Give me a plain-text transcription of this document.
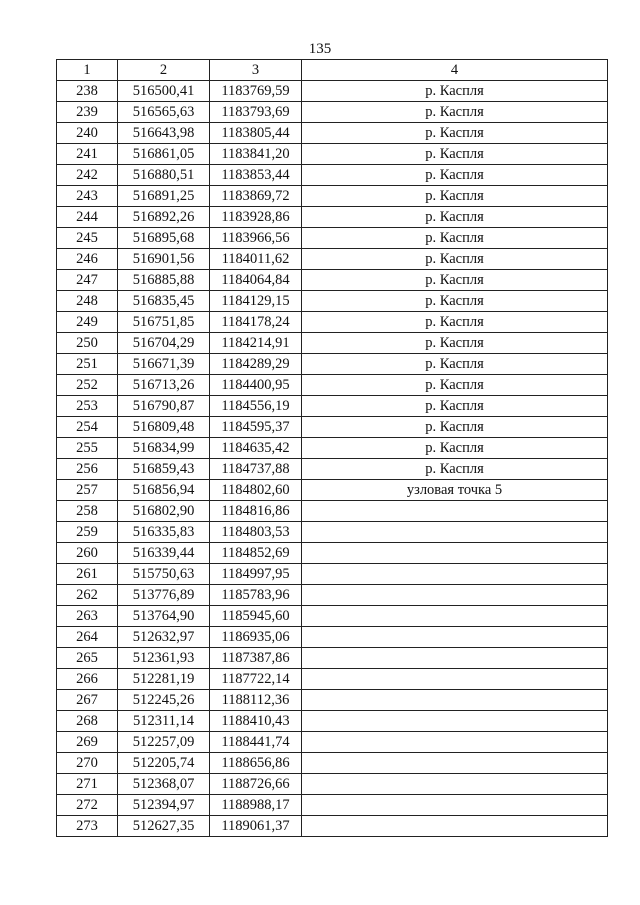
135
1	2	3	4
238	516500,41	1183769,59	р. Каспля
239	516565,63	1183793,69	р. Каспля
240	516643,98	1183805,44	р. Каспля
241	516861,05	1183841,20	р. Каспля
242	516880,51	1183853,44	р. Каспля
243	516891,25	1183869,72	р. Каспля
244	516892,26	1183928,86	р. Каспля
245	516895,68	1183966,56	р. Каспля
246	516901,56	1184011,62	р. Каспля
247	516885,88	1184064,84	р. Каспля
248	516835,45	1184129,15	р. Каспля
249	516751,85	1184178,24	р. Каспля
250	516704,29	1184214,91	р. Каспля
251	516671,39	1184289,29	р. Каспля
252	516713,26	1184400,95	р. Каспля
253	516790,87	1184556,19	р. Каспля
254	516809,48	1184595,37	р. Каспля
255	516834,99	1184635,42	р. Каспля
256	516859,43	1184737,88	р. Каспля
257	516856,94	1184802,60	узловая точка 5
258	516802,90	1184816,86	
259	516335,83	1184803,53	
260	516339,44	1184852,69	
261	515750,63	1184997,95	
262	513776,89	1185783,96	
263	513764,90	1185945,60	
264	512632,97	1186935,06	
265	512361,93	1187387,86	
266	512281,19	1187722,14	
267	512245,26	1188112,36	
268	512311,14	1188410,43	
269	512257,09	1188441,74	
270	512205,74	1188656,86	
271	512368,07	1188726,66	
272	512394,97	1188988,17	
273	512627,35	1189061,37	
